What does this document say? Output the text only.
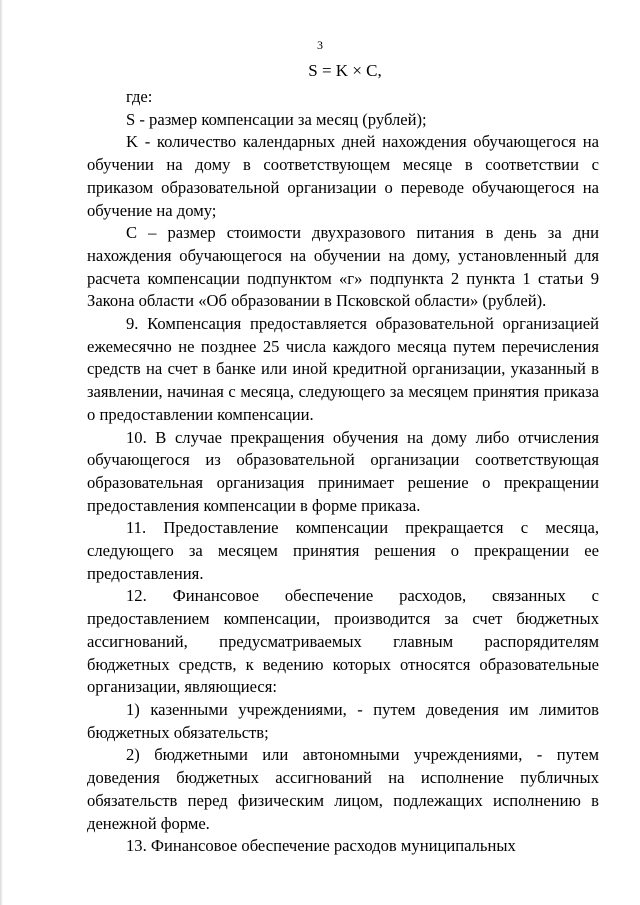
3
S = K × C,

где:

S - размер компенсации за месяц (рублей);

K - количество календарных дней нахождения обучающегося на обучении на дому в соответствующем месяце в соответствии с приказом образовательной организации о переводе обучающегося на обучение на дому;

C – размер стоимости двухразового питания в день за дни нахождения обучающегося на обучении на дому, установленный для расчета компенсации подпунктом «г» подпункта 2 пункта 1 статьи 9 Закона области «Об образовании в Псковской области» (рублей).

9. Компенсация предоставляется образовательной организацией ежемесячно не позднее 25 числа каждого месяца путем перечисления средств на счет в банке или иной кредитной организации, указанный в заявлении, начиная с месяца, следующего за месяцем принятия приказа о предоставлении компенсации.

10. В случае прекращения обучения на дому либо отчисления обучающегося из образовательной организации соответствующая образовательная организация принимает решение о прекращении предоставления компенсации в форме приказа.

11. Предоставление компенсации прекращается с месяца, следующего за месяцем принятия решения о прекращении ее предоставления.

12. Финансовое обеспечение расходов, связанных с предоставлением компенсации, производится за счет бюджетных ассигнований, предусматриваемых главным распорядителям бюджетных средств, к ведению которых относятся образовательные организации, являющиеся:

1) казенными учреждениями, - путем доведения им лимитов бюджетных обязательств;

2) бюджетными или автономными учреждениями, - путем доведения бюджетных ассигнований на исполнение публичных обязательств перед физическим лицом, подлежащих исполнению в денежной форме.

13. Финансовое обеспечение расходов муниципальных
